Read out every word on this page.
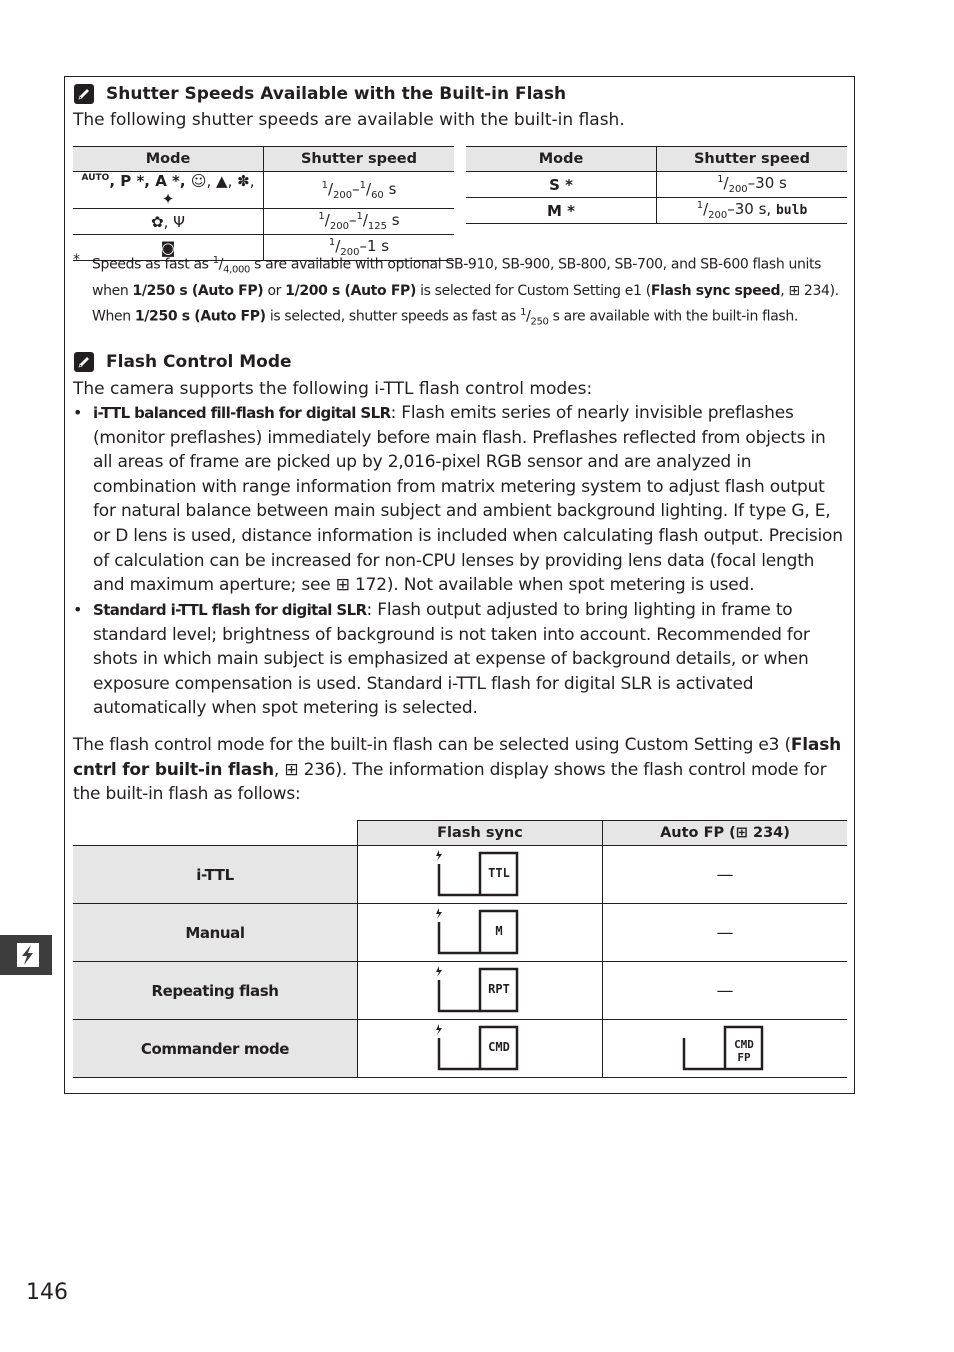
Shutter Speeds Available with the Built-in Flash
The following shutter speeds are available with the built-in flash.
Mode	Shutter speed
$^{AUTO}$, P *, A *, ☺, ▲, ✽, ✦	$^1/_{200}-^1/_{60}$ s
✿, Ψ	$^1/_{200}-^1/_{125}$ s
◙	$^1/_{200}-1$ s
Mode	Shutter speed
S *	$^1/_{200}-30$ s
M *	$^1/_{200}-30$ s, bulb
* Speeds as fast as $^1/_{4,000}$ s are available with optional SB-910, SB-900, SB-800, SB-700, and SB-600 flash units when 1/250 s (Auto FP) or 1/200 s (Auto FP) is selected for Custom Setting e1 (Flash sync speed, ⊞ 234). When 1/250 s (Auto FP) is selected, shutter speeds as fast as $^1/_{250}$ s are available with the built-in flash.
Flash Control Mode
The camera supports the following i-TTL flash control modes:
• i-TTL balanced fill-flash for digital SLR: Flash emits series of nearly invisible preflashes (monitor preflashes) immediately before main flash. Preflashes reflected from objects in all areas of frame are picked up by 2,016-pixel RGB sensor and are analyzed in combination with range information from matrix metering system to adjust flash output for natural balance between main subject and ambient background lighting. If type G, E, or D lens is used, distance information is included when calculating flash output. Precision of calculation can be increased for non-CPU lenses by providing lens data (focal length and maximum aperture; see ⊞ 172). Not available when spot metering is used.
• Standard i-TTL flash for digital SLR: Flash output adjusted to bring lighting in frame to standard level; brightness of background is not taken into account. Recommended for shots in which main subject is emphasized at expense of background details, or when exposure compensation is used. Standard i-TTL flash for digital SLR is activated automatically when spot metering is selected.
The flash control mode for the built-in flash can be selected using Custom Setting e3 (Flash cntrl for built-in flash, ⊞ 236). The information display shows the flash control mode for the built-in flash as follows:
	Flash sync	Auto FP (⊞ 234)
i-TTL	TTL	—
Manual	M	—
Repeating flash	RPT	—
Commander mode	CMD	CMD
FP
146
